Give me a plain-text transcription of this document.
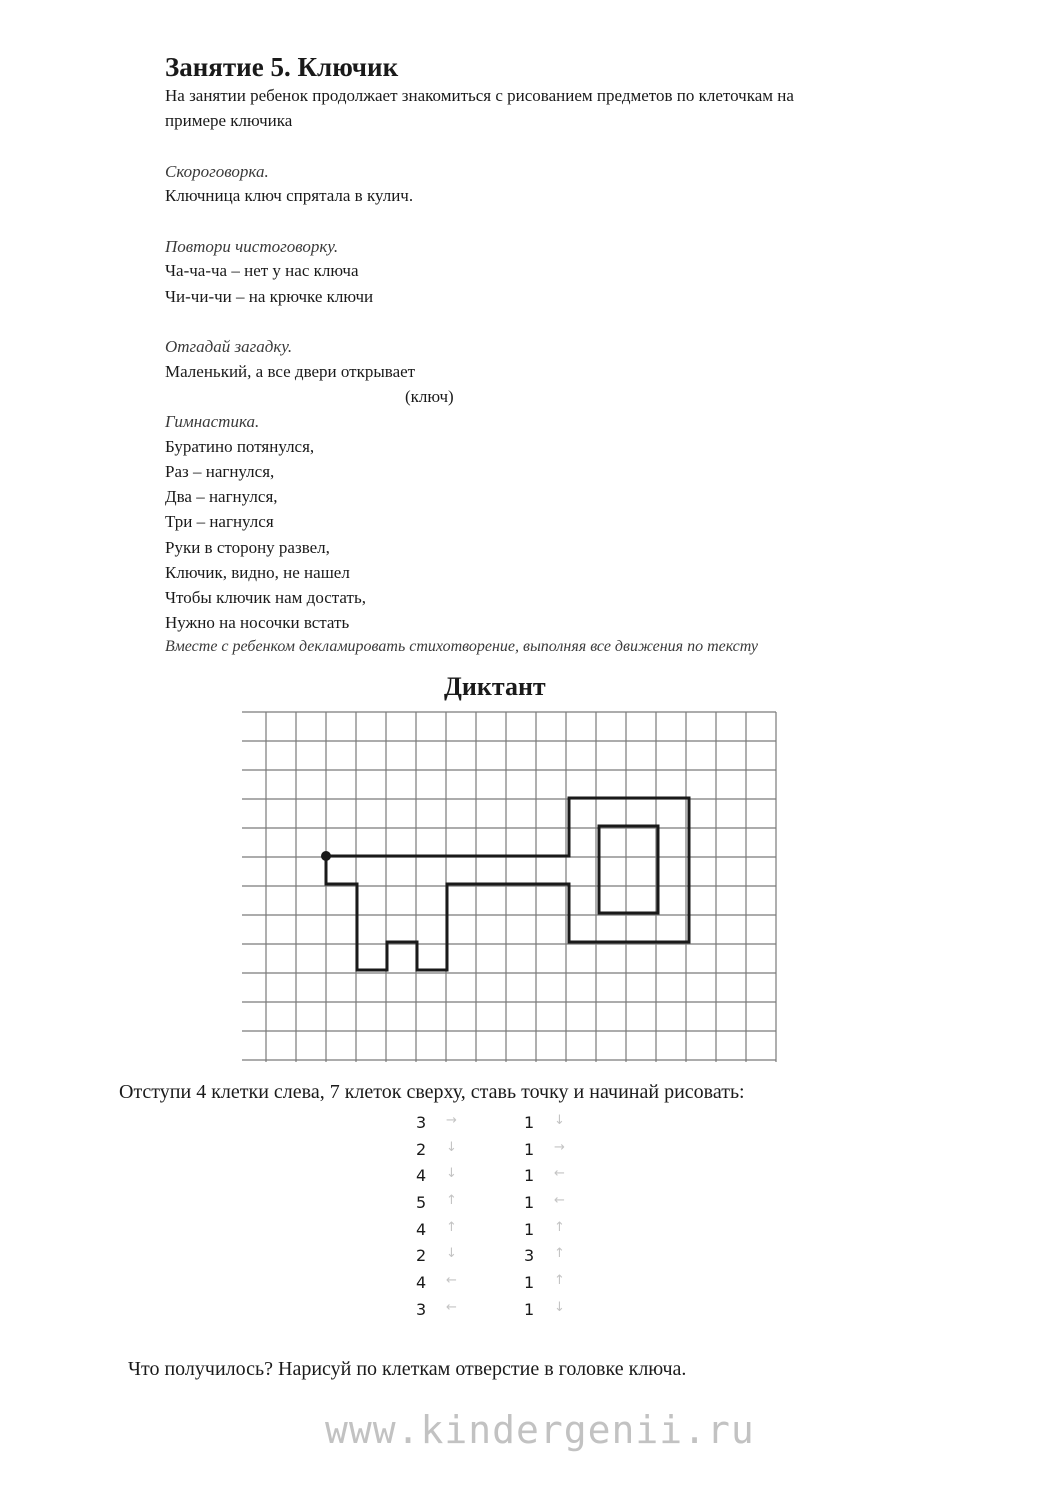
Занятие 5. Ключик
На занятии ребенок продолжает знакомиться с рисованием предметов по клеточкам на
примере ключика
Скороговорка.
Ключница ключ спрятала в кулич.
Повтори чистоговорку.
Ча-ча-ча – нет у нас ключа
Чи-чи-чи – на крючке ключи
Отгадай загадку.
Маленький, а все двери открывает
(ключ)
Гимнастика.
Буратино потянулся,
Раз – нагнулся,
Два – нагнулся,
Три – нагнулся
Руки в сторону развел,
Ключик, видно, не нашел
Чтобы ключик нам достать,
Нужно на носочки встать
Вместе с ребенком декламировать стихотворение, выполняя все движения по тексту
Диктант
Отступи 4 клетки слева, 7 клеток сверху, ставь точку и начинай рисовать:
3 →	1 ↓
2 ↓	1 →
4 ↓	1 ←
5 ↑	1 ←
4 ↑	1 ↑
2 ↓	3 ↑
4 ←	1 ↑
3 ←	1 ↓
Что получилось? Нарисуй по клеткам отверстие в головке ключа.
www.kindergenii.ru
